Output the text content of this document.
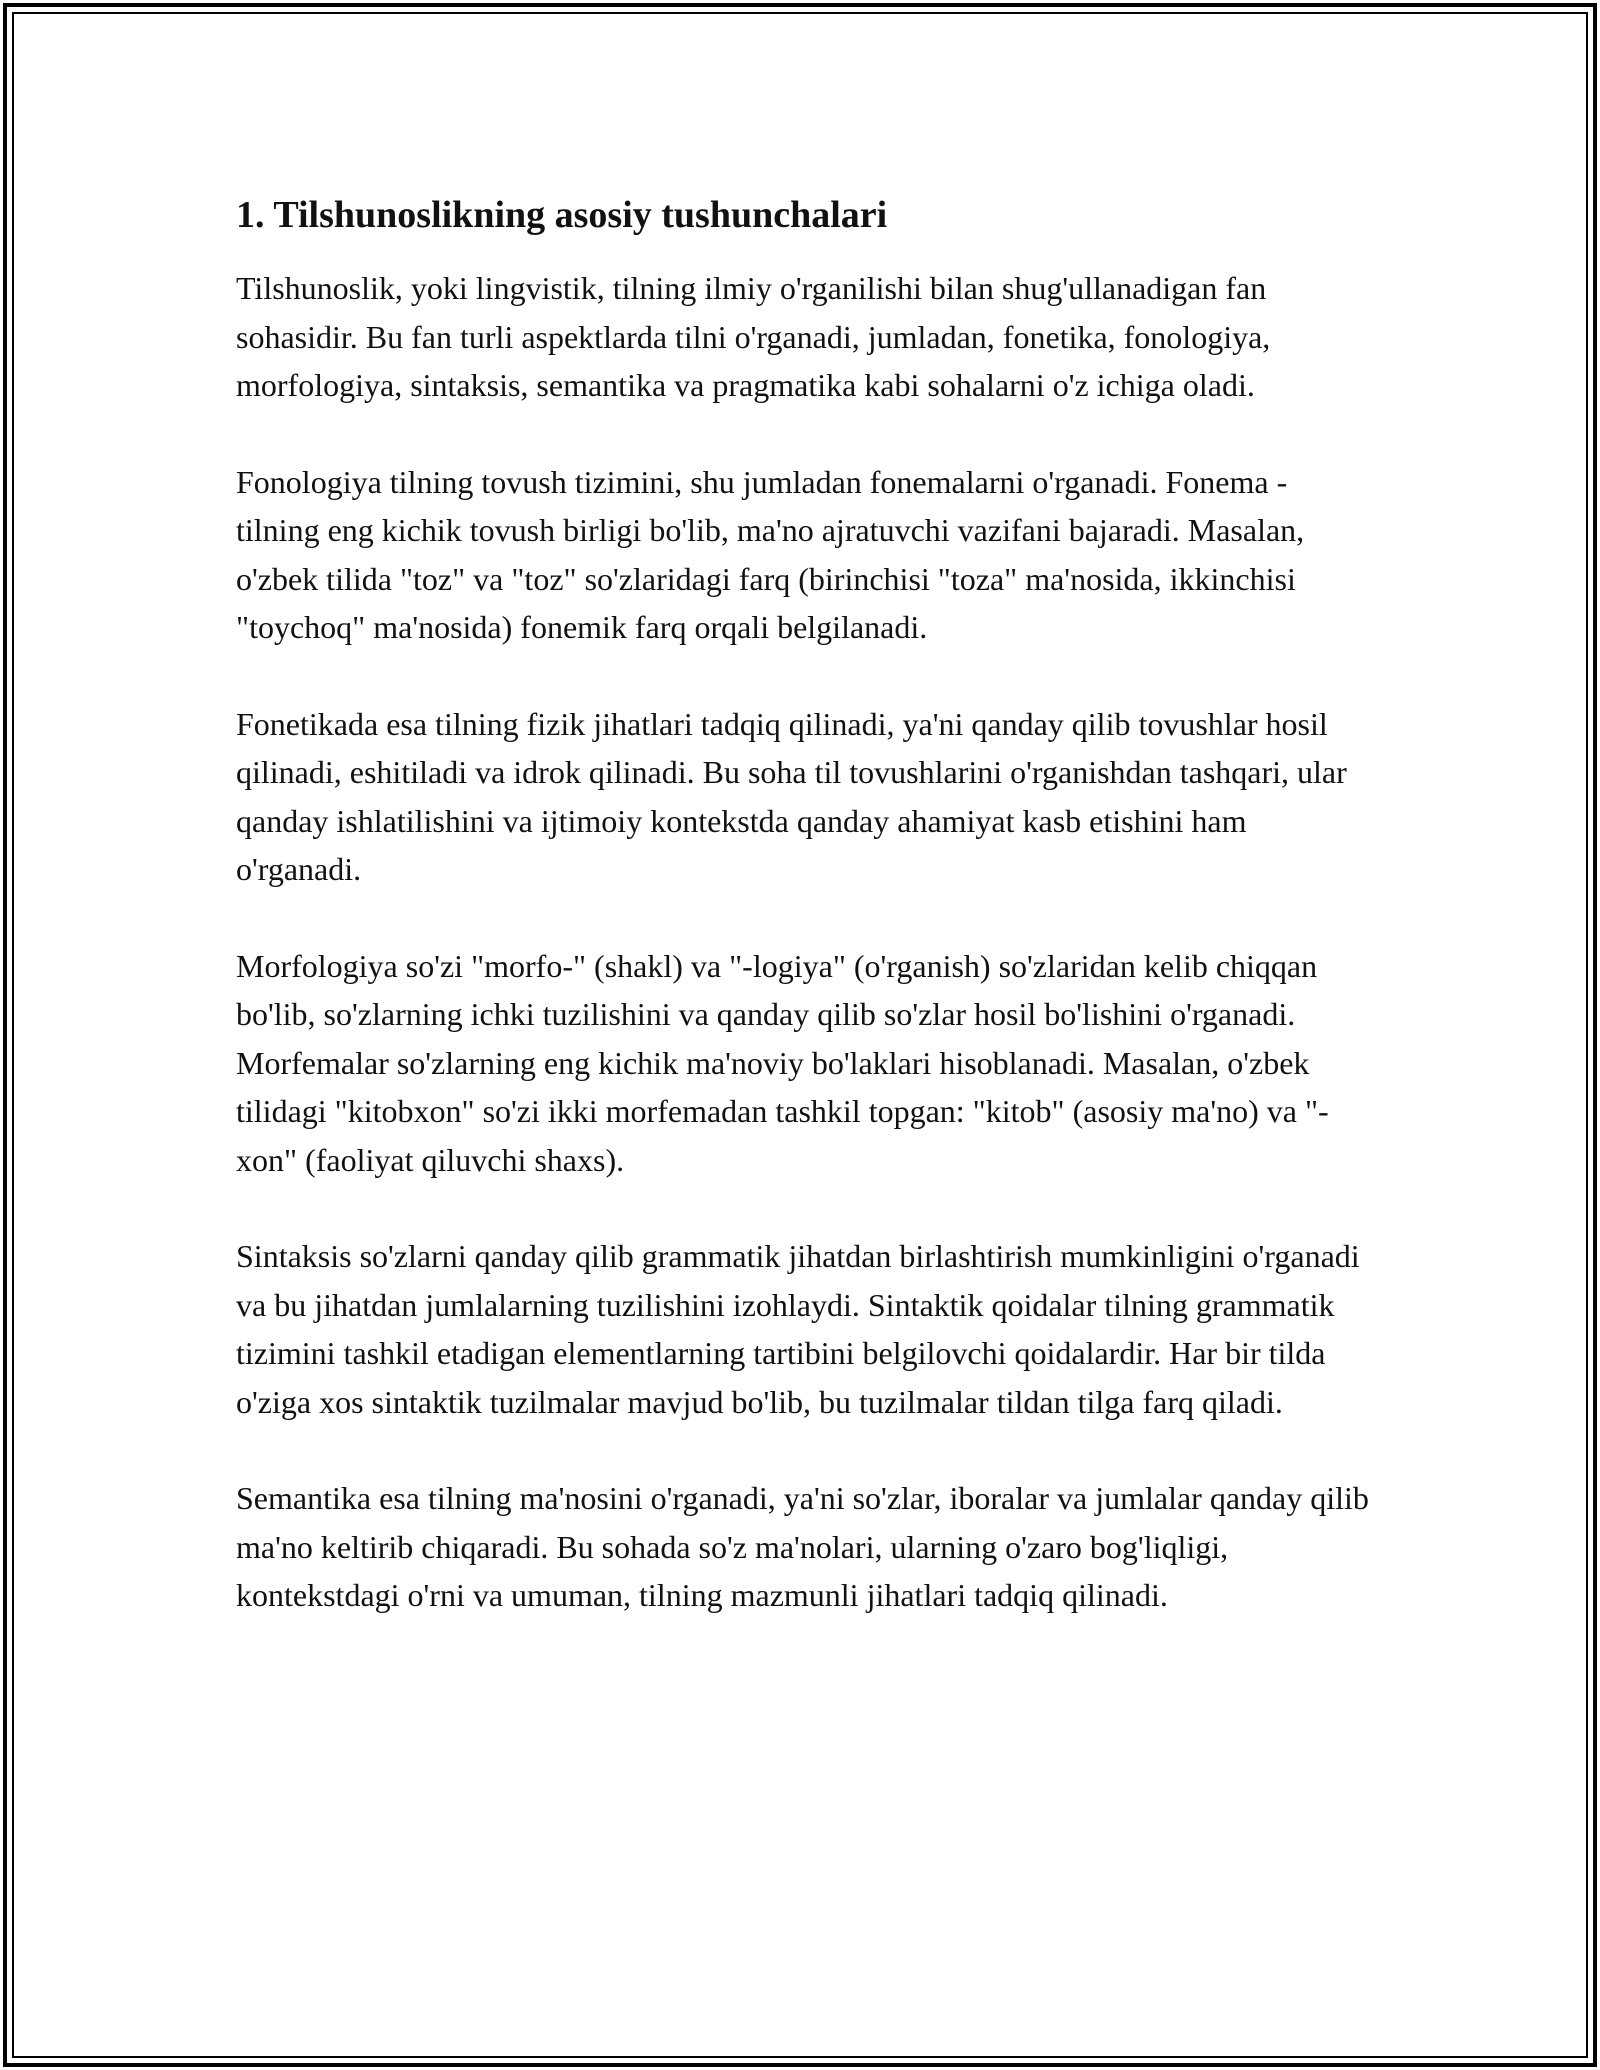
1. Tilshunoslikning asosiy tushunchalari

Tilshunoslik, yoki lingvistik, tilning ilmiy o'rganilishi bilan shug'ullanadigan fan sohasidir. Bu fan turli aspektlarda tilni o'rganadi, jumladan, fonetika, fonologiya, morfologiya, sintaksis, semantika va pragmatika kabi sohalarni o'z ichiga oladi.

Fonologiya tilning tovush tizimini, shu jumladan fonemalarni o'rganadi. Fonema - tilning eng kichik tovush birligi bo'lib, ma'no ajratuvchi vazifani bajaradi. Masalan, o'zbek tilida "toz" va "toz" so'zlaridagi farq (birinchisi "toza" ma'nosida, ikkinchisi "toychoq" ma'nosida) fonemik farq orqali belgilanadi.

Fonetikada esa tilning fizik jihatlari tadqiq qilinadi, ya'ni qanday qilib tovushlar hosil qilinadi, eshitiladi va idrok qilinadi. Bu soha til tovushlarini o'rganishdan tashqari, ular qanday ishlatilishini va ijtimoiy kontekstda qanday ahamiyat kasb etishini ham o'rganadi.

Morfologiya so'zi "morfo-" (shakl) va "-logiya" (o'rganish) so'zlaridan kelib chiqqan bo'lib, so'zlarning ichki tuzilishini va qanday qilib so'zlar hosil bo'lishini o'rganadi. Morfemalar so'zlarning eng kichik ma'noviy bo'laklari hisoblanadi. Masalan, o'zbek tilidagi "kitobxon" so'zi ikki morfemadan tashkil topgan: "kitob" (asosiy ma'no) va "-xon" (faoliyat qiluvchi shaxs).

Sintaksis so'zlarni qanday qilib grammatik jihatdan birlashtirish mumkinligini o'rganadi va bu jihatdan jumlalarning tuzilishini izohlaydi. Sintaktik qoidalar tilning grammatik tizimini tashkil etadigan elementlarning tartibini belgilovchi qoidalardir. Har bir tilda o'ziga xos sintaktik tuzilmalar mavjud bo'lib, bu tuzilmalar tildan tilga farq qiladi.

Semantika esa tilning ma'nosini o'rganadi, ya'ni so'zlar, iboralar va jumlalar qanday qilib ma'no keltirib chiqaradi. Bu sohada so'z ma'nolari, ularning o'zaro bog'liqligi, kontekstdagi o'rni va umuman, tilning mazmunli jihatlari tadqiq qilinadi.
